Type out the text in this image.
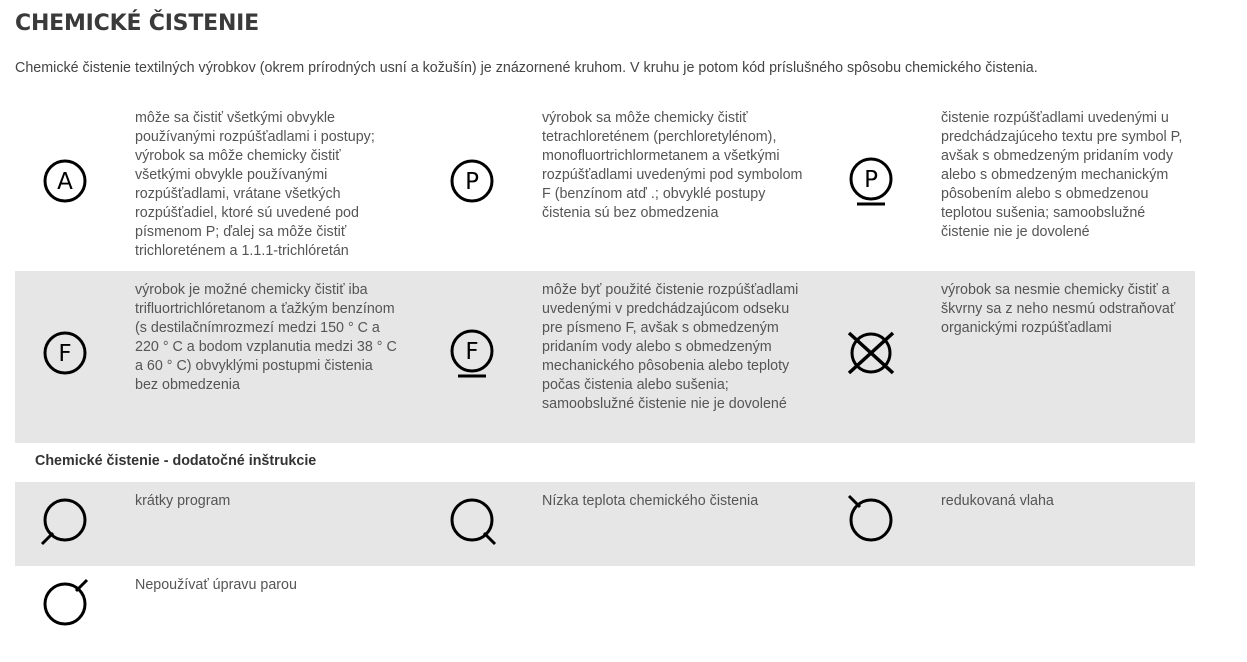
CHEMICKÉ ČISTENIE

Chemické čistenie textilných výrobkov (okrem prírodných usní a kožušín) je znázornené kruhom. V kruhu je potom kód príslušného spôsobu chemického čistenia.

A

môže sa čistiť všetkými obvykle používanými rozpúšťadlami i postupy; výrobok sa môže chemicky čistiť všetkými obvykle používanými rozpúšťadlami, vrátane všetkých rozpúšťadiel, ktoré sú uvedené pod písmenom P; ďalej sa môže čistiť trichloreténem a 1.1.1-trichlóretán

P

výrobok sa môže chemicky čistiť tetrachloreténem (perchloretylénom), monofluortrichlormetanem a všetkými rozpúšťadlami uvedenými pod symbolom F (benzínom atď .; obvyklé postupy čistenia sú bez obmedzenia

P

čistenie rozpúšťadlami uvedenými u predchádzajúceho textu pre symbol P, avšak s obmedzeným pridaním vody alebo s obmedzeným mechanickým pôsobením alebo s obmedzenou teplotou sušenia; samoobslužné čistenie nie je dovolené

F

výrobok je možné chemicky čistiť iba trifluortrichlóretanom a ťažkým benzínom (s destilačnímrozmezí medzi 150 ° C a 220 ° C a bodom vzplanutia medzi 38 ° C a 60 ° C) obvyklými postupmi čistenia bez obmedzenia

F

môže byť použité čistenie rozpúšťadlami uvedenými v predchádzajúcom odseku pre písmeno F, avšak s obmedzeným pridaním vody alebo s obmedzeným mechanického pôsobenia alebo teploty počas čistenia alebo sušenia; samoobslužné čistenie nie je dovolené

výrobok sa nesmie chemicky čistiť a škvrny sa z neho nesmú odstraňovať organickými rozpúšťadlami

Chemické čistenie - dodatočné inštrukcie

krátky program	Nízka teplota chemického čistenia	redukovaná vlaha

Nepoužívať úpravu parou
